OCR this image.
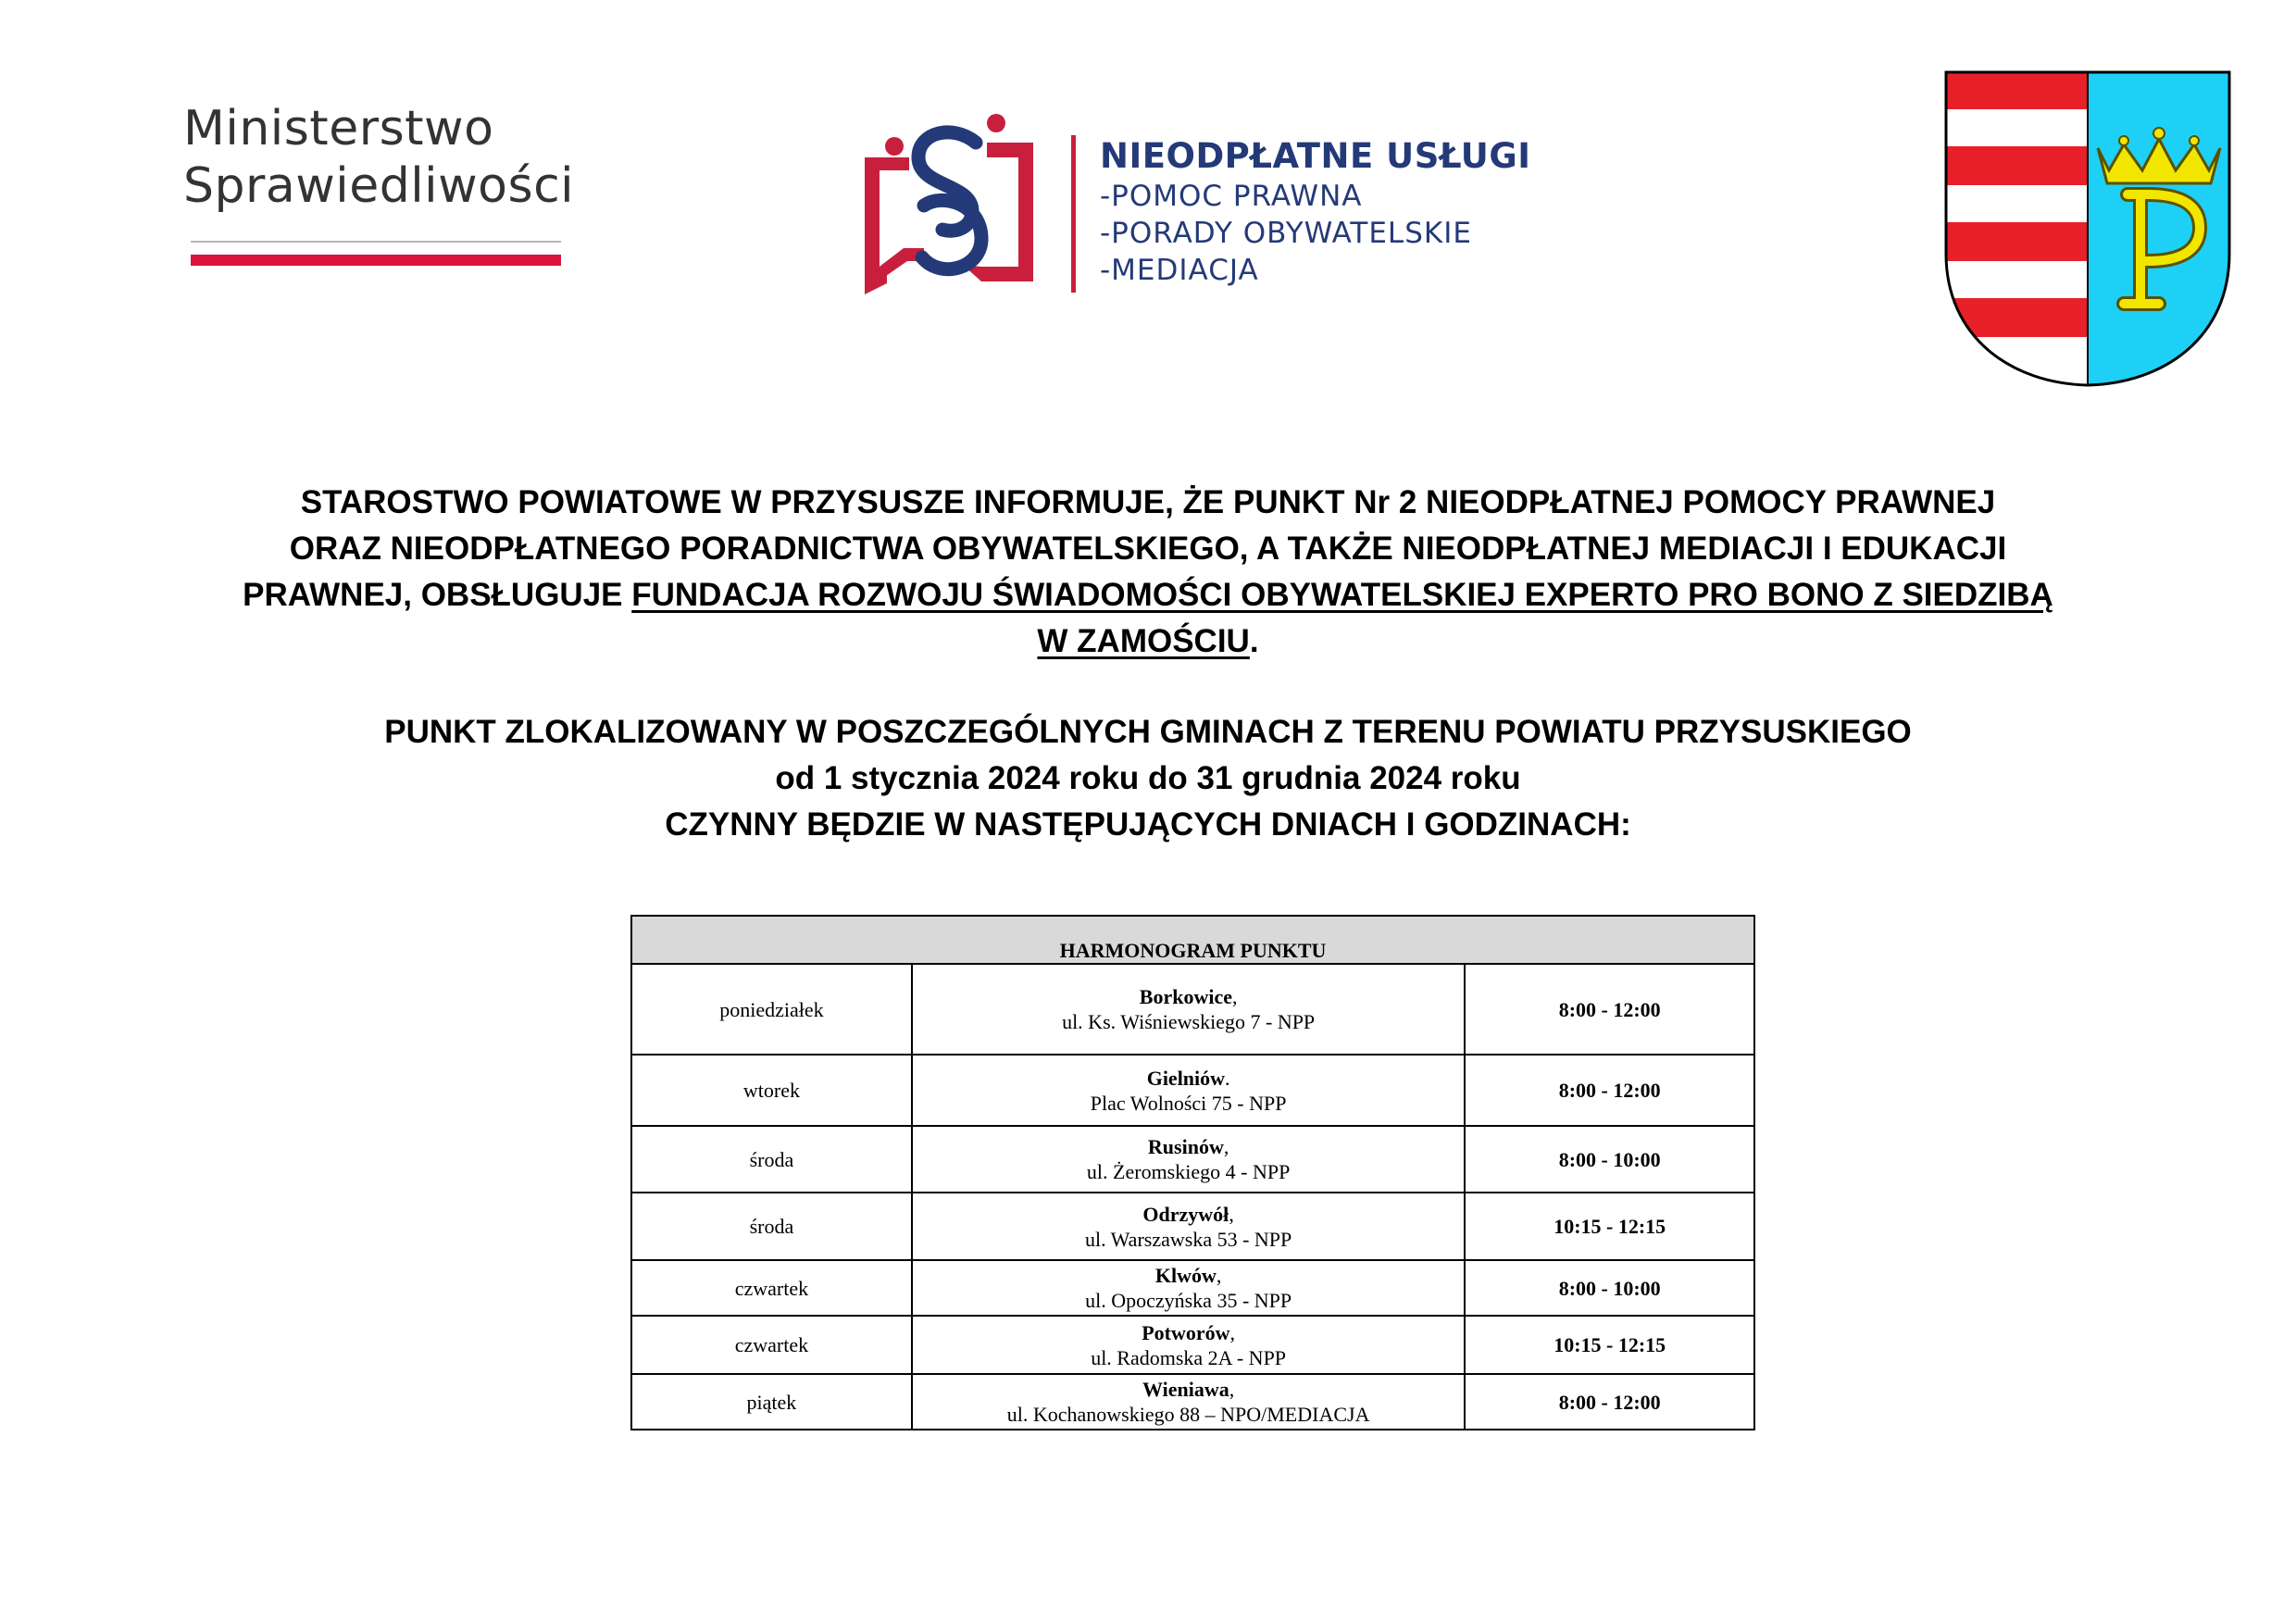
Ministerstwo
Sprawiedliwości
NIEODPŁATNE USŁUGI
-POMOC PRAWNA
-PORADY OBYWATELSKIE
-MEDIACJA
STAROSTWO POWIATOWE W PRZYSUSZE INFORMUJE, ŻE PUNKT Nr 2 NIEODPŁATNEJ POMOCY PRAWNEJ
ORAZ NIEODPŁATNEGO PORADNICTWA OBYWATELSKIEGO, A TAKŻE NIEODPŁATNEJ MEDIACJI I EDUKACJI
PRAWNEJ, OBSŁUGUJE FUNDACJA ROZWOJU ŚWIADOMOŚCI OBYWATELSKIEJ EXPERTO PRO BONO Z SIEDZIBĄ
W ZAMOŚCIU.
PUNKT ZLOKALIZOWANY W POSZCZEGÓLNYCH GMINACH Z TERENU POWIATU PRZYSUSKIEGO
od 1 stycznia 2024 roku do 31 grudnia 2024 roku
CZYNNY BĘDZIE W NASTĘPUJĄCYCH DNIACH I GODZINACH:
HARMONOGRAM PUNKTU		
poniedziałek	Borkowice,
ul. Ks. Wiśniewskiego 7 - NPP	8:00 - 12:00
wtorek	Gielniów.
Plac Wolności 75 - NPP	8:00 - 12:00
środa	Rusinów,
ul. Żeromskiego 4 - NPP	8:00 - 10:00
środa	Odrzywół,
ul. Warszawska 53 - NPP	10:15 - 12:15
czwartek	Klwów,
ul. Opoczyńska 35 - NPP	8:00 - 10:00
czwartek	Potworów,
ul. Radomska 2A - NPP	10:15 - 12:15
piątek	Wieniawa,
ul. Kochanowskiego 88 – NPO/MEDIACJA	8:00 - 12:00
